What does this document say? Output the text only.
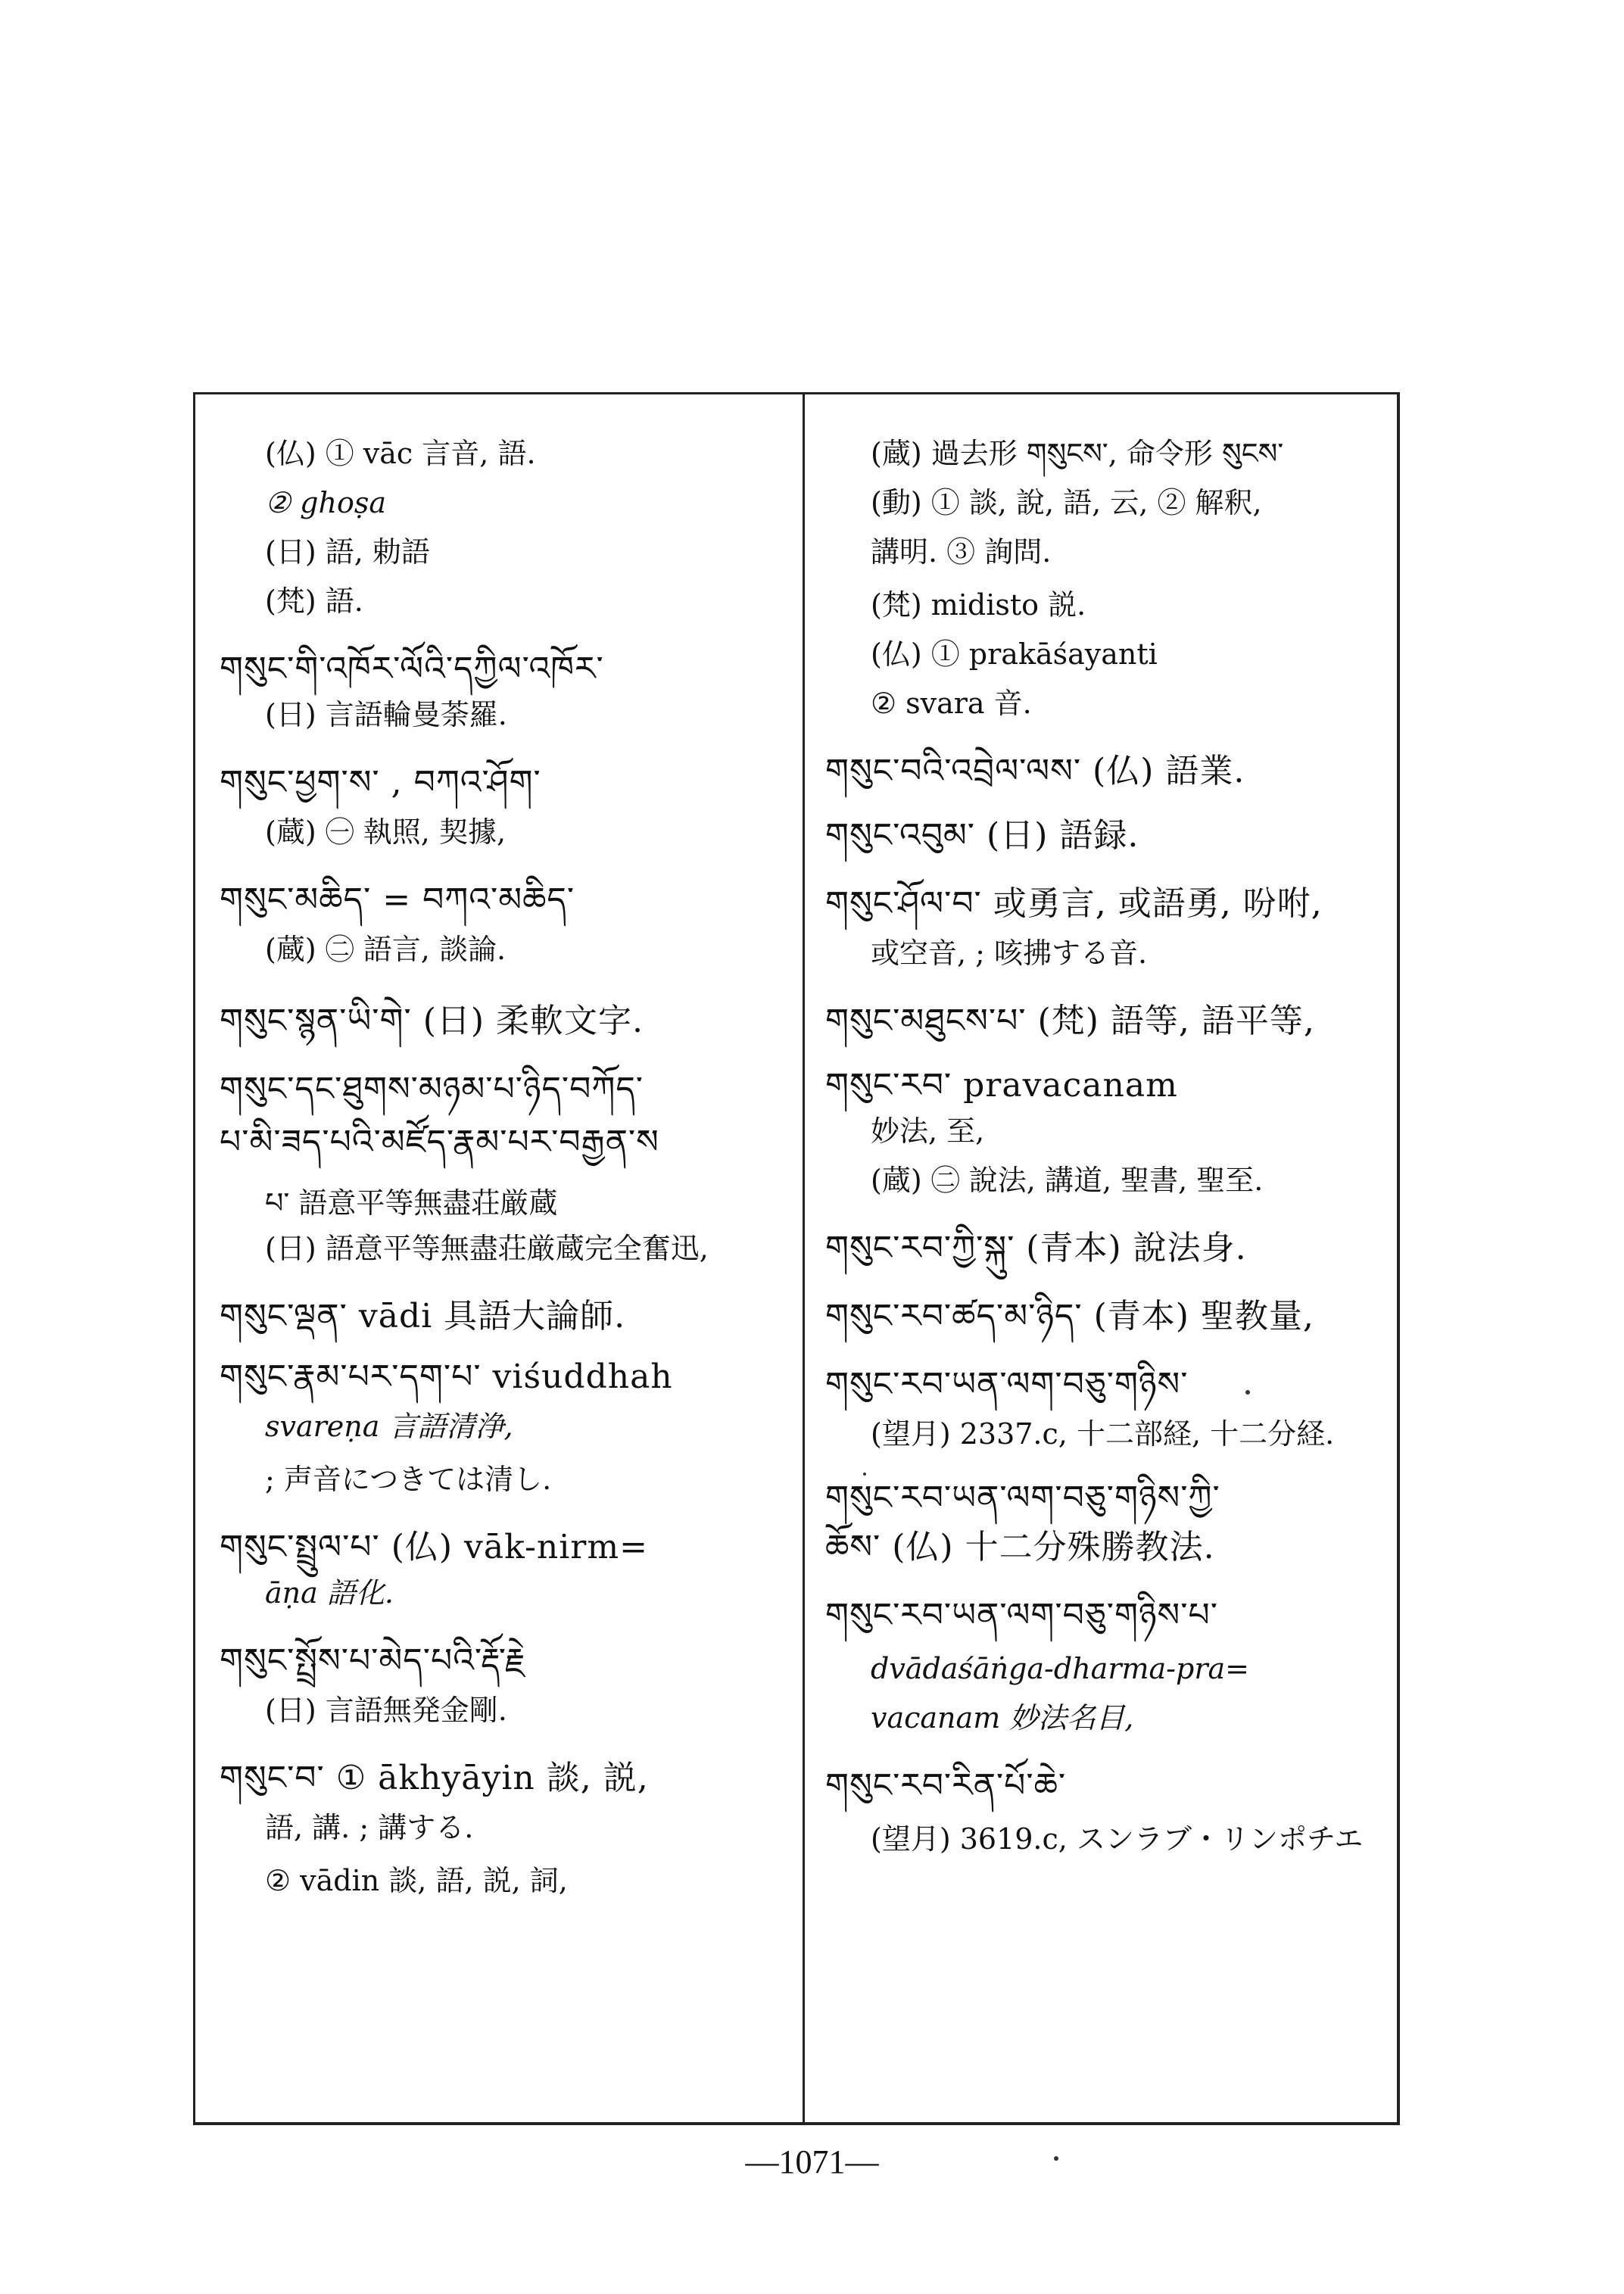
(仏) ① vāc 言音, 語.
② ghoṣa
(日) 語, 勅語
(梵) 語.
གསུང་གི་འཁོར་ལོའི་དཀྱིལ་འཁོར་
(日) 言語輪曼荼羅.
གསུང་ཕྱག་ས་ , བཀའ་ཤོག་
(蔵) ㊀ 執照, 契據,
གསུང་མཆིད་ = བཀའ་མཆིད་
(蔵) ㊁ 語言, 談論.
གསུང་སྙན་ཡི་གེ་ (日) 柔軟文字.
གསུང་དང་ཐུགས་མཉམ་པ་ཉིད་བཀོད་
པ་མི་ཟད་པའི་མཛོད་རྣམ་པར་བརྒྱན་ས
པ་ 語意平等無盡荘厳蔵
(日) 語意平等無盡荘厳蔵完全奮迅,
གསུང་ལྡན་ vādi 具語大論師.
གསུང་རྣམ་པར་དག་པ་ viśuddhah
svareṇa 言語清浄,
; 声音につきては清し.
གསུང་སྤྲུལ་པ་ (仏) vāk-nirm=
āṇa 語化.
གསུང་སྤྲོས་པ་མེད་པའི་རྡོ་རྗེ
(日) 言語無発金剛.
གསུང་བ་ ① ākhyāyin 談, 説,
語, 講. ; 講する.
② vādin 談, 語, 説, 詞,
(蔵) 過去形 གསུངས་, 命令形 སུངས་
(動) ① 談, 說, 語, 云, ② 解釈,
講明. ③ 詢問.
(梵) midisto 説.
(仏) ① prakāśayanti
② svara 音.
གསུང་བའི་འབྲེལ་ལས་ (仏) 語業.
གསུང་འབུམ་ (日) 語録.
གསུང་ཤོལ་བ་ 或勇言, 或語勇, 吩咐,
或空音, ; 咳拂する音.
གསུང་མཐུངས་པ་ (梵) 語等, 語平等,
གསུང་རབ་ pravacanam
妙法, 至,
(蔵) ㊁ 說法, 講道, 聖書, 聖至.
གསུང་རབ་ཀྱི་སྐུ་ (青本) 說法身.
གསུང་རབ་ཚད་མ་ཉིད་ (青本) 聖教量,
གསུང་རབ་ཡན་ལག་བཅུ་གཉིས་
(望月) 2337.c, 十二部経, 十二分経.
གསུང་རབ་ཡན་ལག་བཅུ་གཉིས་ཀྱི་
ཆོས་ (仏) 十二分殊勝教法.
གསུང་རབ་ཡན་ལག་བཅུ་གཉིས་པ་
dvādaśāṅga-dharma-pra=
vacanam 妙法名目,
གསུང་རབ་རིན་པོ་ཆེ་
(望月) 3619.c, スンラブ・リンポチエ
—1071—
